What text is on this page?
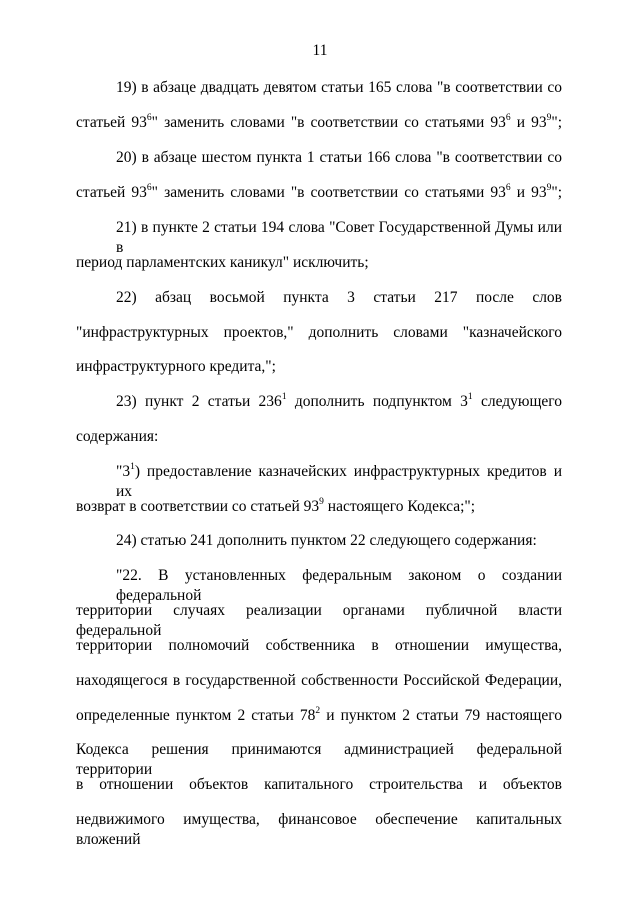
11
19) в абзаце двадцать девятом статьи 165 слова "в соответствии со
статьей $93^6$" заменить словами "в соответствии со статьями $93^6$ и $93^9$";
20) в абзаце шестом пункта 1 статьи 166 слова "в соответствии со
статьей $93^6$" заменить словами "в соответствии со статьями $93^6$ и $93^9$";
21) в пункте 2 статьи 194 слова "Совет Государственной Думы или в
период парламентских каникул" исключить;
22) абзац восьмой пункта 3 статьи 217 после слов
"инфраструктурных проектов," дополнить словами "казначейского
инфраструктурного кредита,";
23) пункт 2 статьи $236^1$ дополнить подпунктом $3^1$ следующего
содержания:
"$3^1$) предоставление казначейских инфраструктурных кредитов и их
возврат в соответствии со статьей $93^9$ настоящего Кодекса;";
24) статью 241 дополнить пунктом 22 следующего содержания:
"22. В установленных федеральным законом о создании федеральной
территории случаях реализации органами публичной власти федеральной
территории полномочий собственника в отношении имущества,
находящегося в государственной собственности Российской Федерации,
определенные пунктом 2 статьи $78^2$ и пунктом 2 статьи 79 настоящего
Кодекса решения принимаются администрацией федеральной территории
в отношении объектов капитального строительства и объектов
недвижимого имущества, финансовое обеспечение капитальных вложений
